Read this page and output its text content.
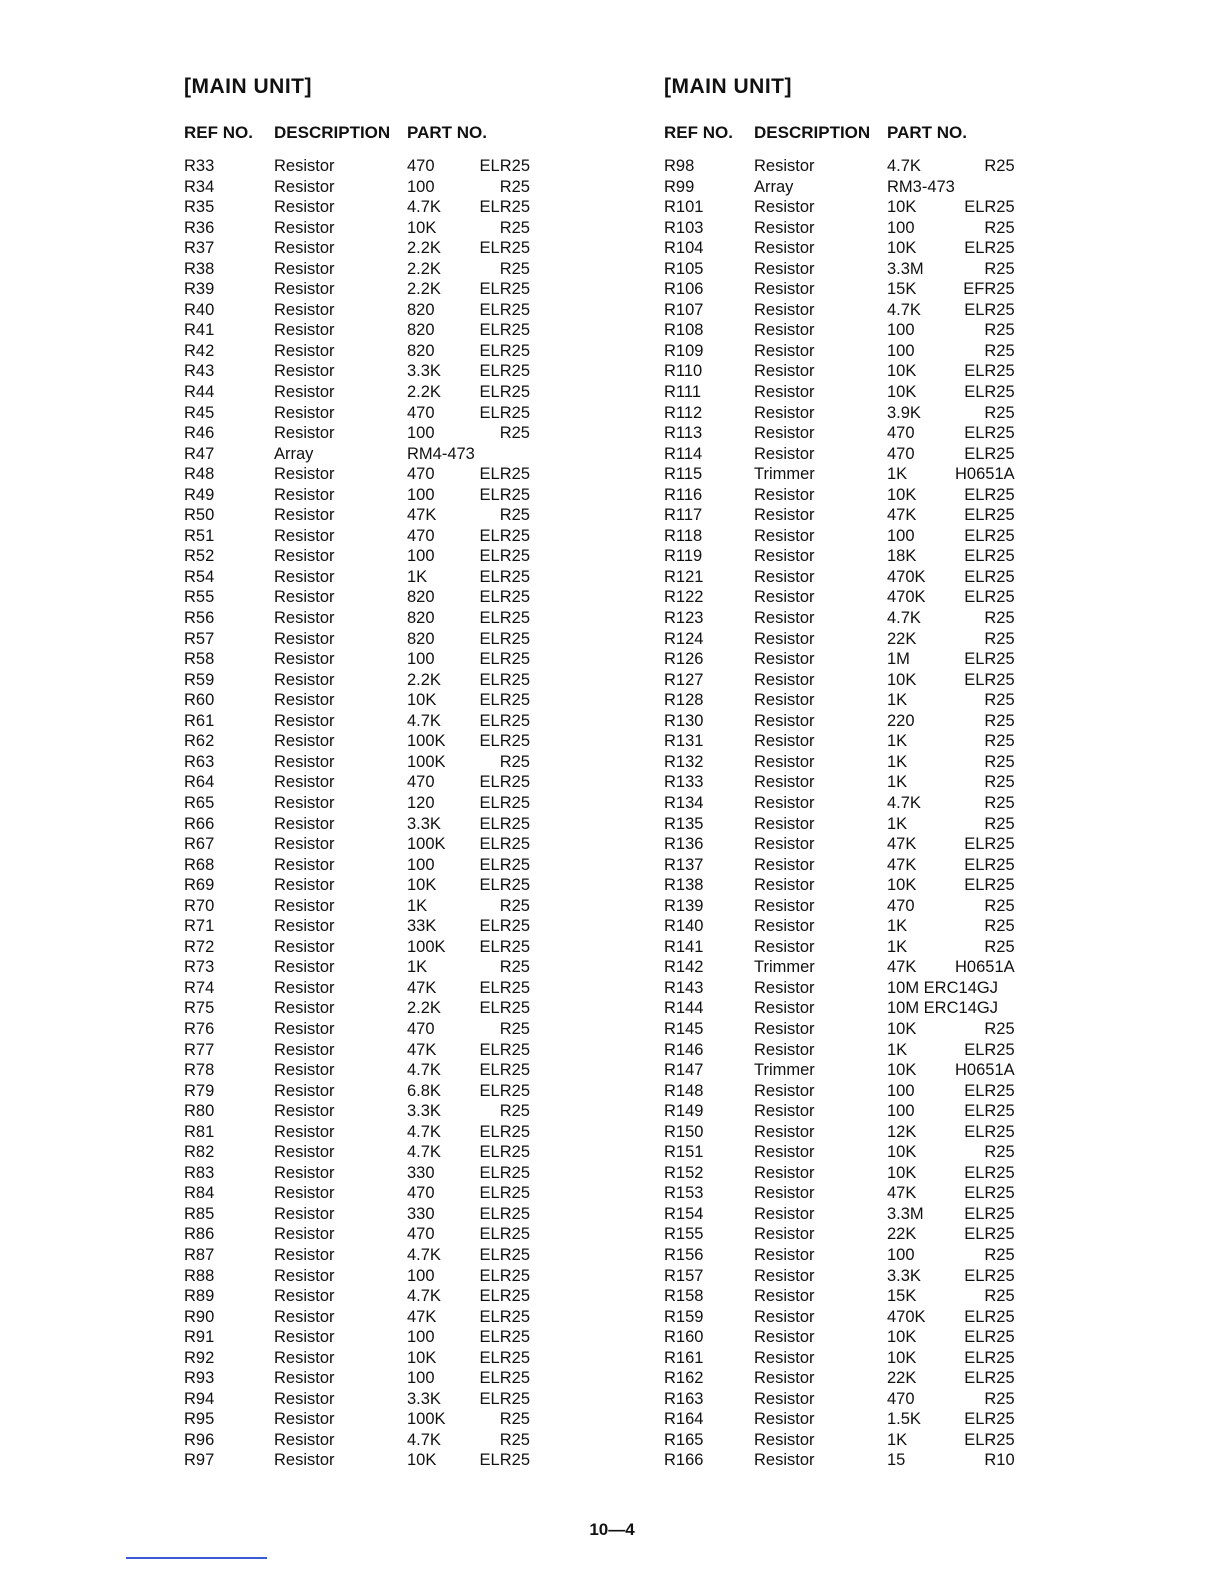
[MAIN UNIT]
REF NO.	DESCRIPTION	PART NO.	

R33	Resistor	470	ELR25
R34	Resistor	100	R25
R35	Resistor	4.7K	ELR25
R36	Resistor	10K	R25
R37	Resistor	2.2K	ELR25
R38	Resistor	2.2K	R25
R39	Resistor	2.2K	ELR25
R40	Resistor	820	ELR25
R41	Resistor	820	ELR25
R42	Resistor	820	ELR25
R43	Resistor	3.3K	ELR25
R44	Resistor	2.2K	ELR25
R45	Resistor	470	ELR25
R46	Resistor	100	R25
R47	Array	RM4-473	
R48	Resistor	470	ELR25
R49	Resistor	100	ELR25
R50	Resistor	47K	R25
R51	Resistor	470	ELR25
R52	Resistor	100	ELR25
R54	Resistor	1K	ELR25
R55	Resistor	820	ELR25
R56	Resistor	820	ELR25
R57	Resistor	820	ELR25
R58	Resistor	100	ELR25
R59	Resistor	2.2K	ELR25
R60	Resistor	10K	ELR25
R61	Resistor	4.7K	ELR25
R62	Resistor	100K	ELR25
R63	Resistor	100K	R25
R64	Resistor	470	ELR25
R65	Resistor	120	ELR25
R66	Resistor	3.3K	ELR25
R67	Resistor	100K	ELR25
R68	Resistor	100	ELR25
R69	Resistor	10K	ELR25
R70	Resistor	1K	R25
R71	Resistor	33K	ELR25
R72	Resistor	100K	ELR25
R73	Resistor	1K	R25
R74	Resistor	47K	ELR25
R75	Resistor	2.2K	ELR25
R76	Resistor	470	R25
R77	Resistor	47K	ELR25
R78	Resistor	4.7K	ELR25
R79	Resistor	6.8K	ELR25
R80	Resistor	3.3K	R25
R81	Resistor	4.7K	ELR25
R82	Resistor	4.7K	ELR25
R83	Resistor	330	ELR25
R84	Resistor	470	ELR25
R85	Resistor	330	ELR25
R86	Resistor	470	ELR25
R87	Resistor	4.7K	ELR25
R88	Resistor	100	ELR25
R89	Resistor	4.7K	ELR25
R90	Resistor	47K	ELR25
R91	Resistor	100	ELR25
R92	Resistor	10K	ELR25
R93	Resistor	100	ELR25
R94	Resistor	3.3K	ELR25
R95	Resistor	100K	R25
R96	Resistor	4.7K	R25
R97	Resistor	10K	ELR25
[MAIN UNIT]
REF NO.	DESCRIPTION	PART NO.	

R98	Resistor	4.7K	R25
R99	Array	RM3-473	
R101	Resistor	10K	ELR25
R103	Resistor	100	R25
R104	Resistor	10K	ELR25
R105	Resistor	3.3M	R25
R106	Resistor	15K	EFR25
R107	Resistor	4.7K	ELR25
R108	Resistor	100	R25
R109	Resistor	100	R25
R110	Resistor	10K	ELR25
R111	Resistor	10K	ELR25
R112	Resistor	3.9K	R25
R113	Resistor	470	ELR25
R114	Resistor	470	ELR25
R115	Trimmer	1K	H0651A
R116	Resistor	10K	ELR25
R117	Resistor	47K	ELR25
R118	Resistor	100	ELR25
R119	Resistor	18K	ELR25
R121	Resistor	470K	ELR25
R122	Resistor	470K	ELR25
R123	Resistor	4.7K	R25
R124	Resistor	22K	R25
R126	Resistor	1M	ELR25
R127	Resistor	10K	ELR25
R128	Resistor	1K	R25
R130	Resistor	220	R25
R131	Resistor	1K	R25
R132	Resistor	1K	R25
R133	Resistor	1K	R25
R134	Resistor	4.7K	R25
R135	Resistor	1K	R25
R136	Resistor	47K	ELR25
R137	Resistor	47K	ELR25
R138	Resistor	10K	ELR25
R139	Resistor	470	R25
R140	Resistor	1K	R25
R141	Resistor	1K	R25
R142	Trimmer	47K	H0651A
R143	Resistor	10M ERC14GJ	
R144	Resistor	10M ERC14GJ	
R145	Resistor	10K	R25
R146	Resistor	1K	ELR25
R147	Trimmer	10K	H0651A
R148	Resistor	100	ELR25
R149	Resistor	100	ELR25
R150	Resistor	12K	ELR25
R151	Resistor	10K	R25
R152	Resistor	10K	ELR25
R153	Resistor	47K	ELR25
R154	Resistor	3.3M	ELR25
R155	Resistor	22K	ELR25
R156	Resistor	100	R25
R157	Resistor	3.3K	ELR25
R158	Resistor	15K	R25
R159	Resistor	470K	ELR25
R160	Resistor	10K	ELR25
R161	Resistor	10K	ELR25
R162	Resistor	22K	ELR25
R163	Resistor	470	R25
R164	Resistor	1.5K	ELR25
R165	Resistor	1K	ELR25
R166	Resistor	15	R10
10—4
